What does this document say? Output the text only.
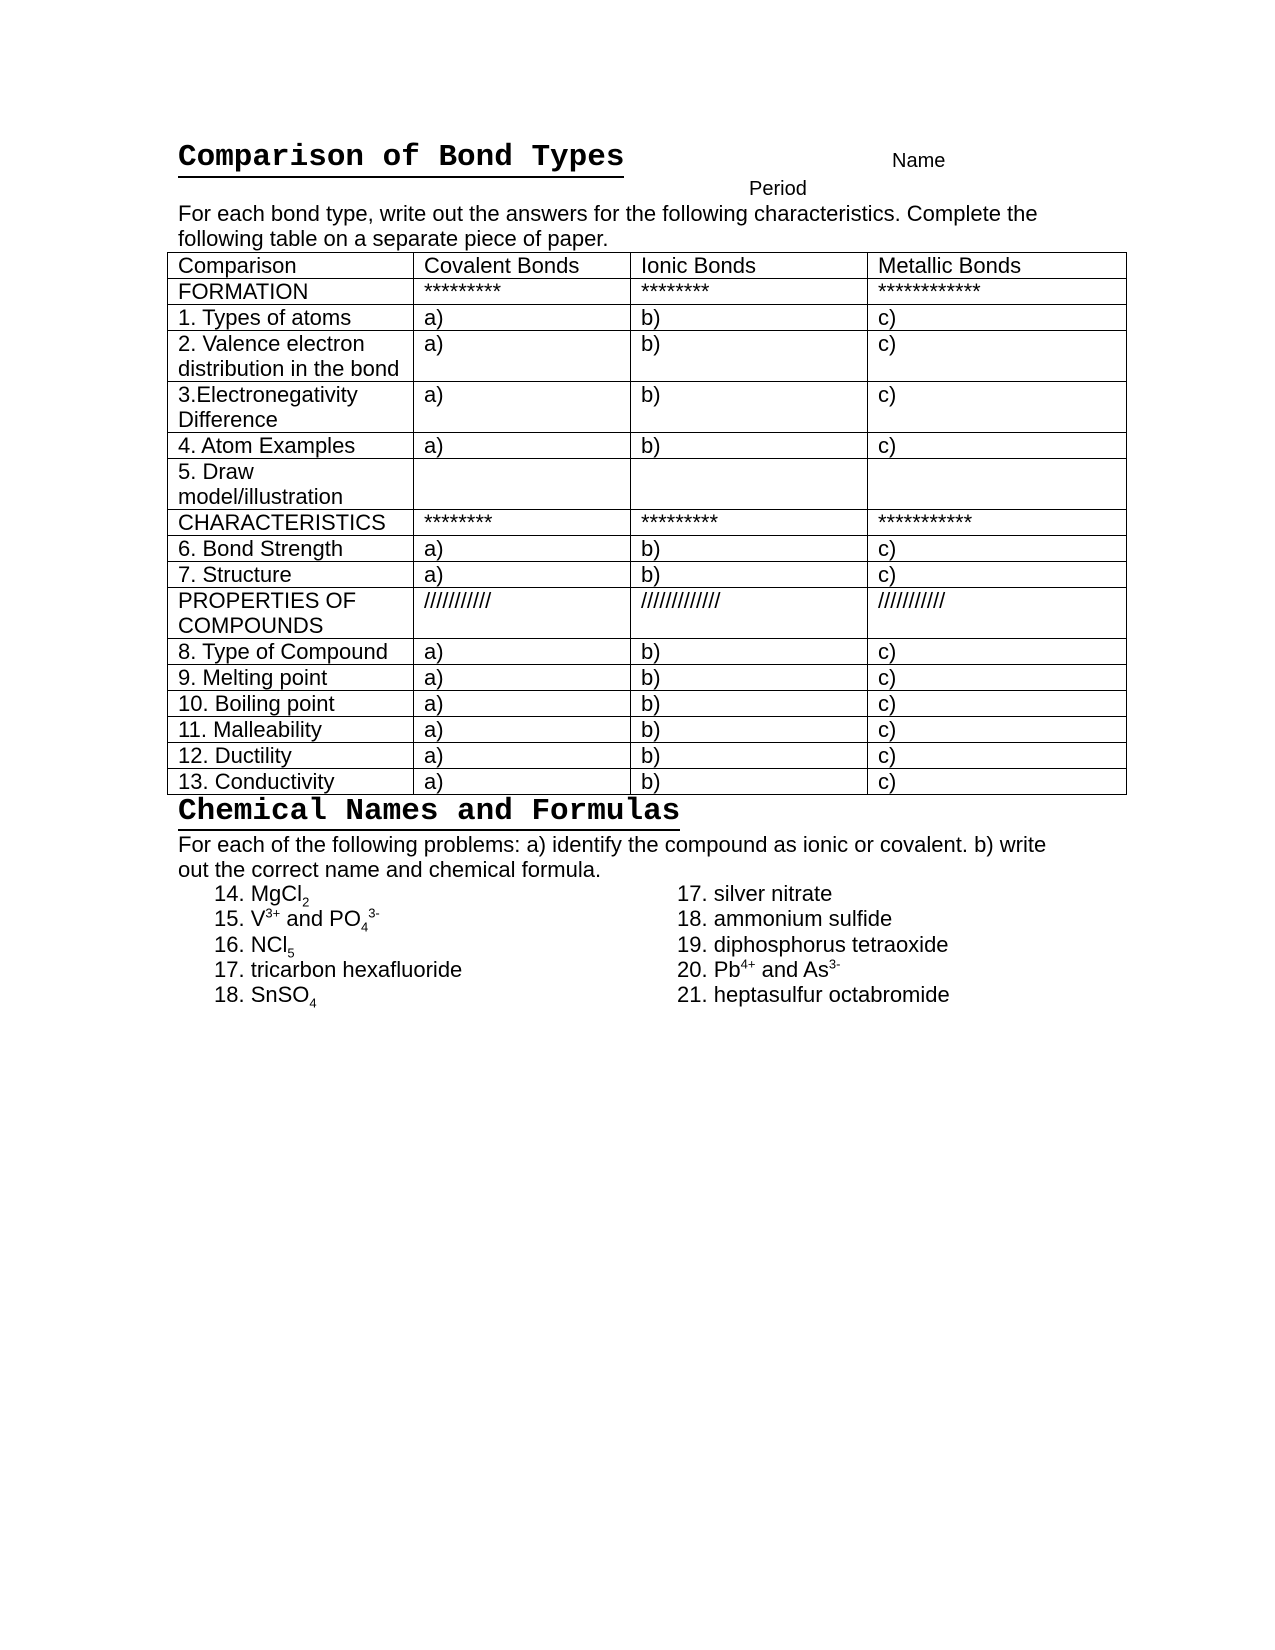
Comparison of Bond Types	Name
Period

For each bond type, write out the answers for the following characteristics. Complete the following table on a separate piece of paper.

Comparison	Covalent Bonds	Ionic Bonds	Metallic Bonds
FORMATION	*********	********	************
1. Types of atoms	a)	b)	c)
2. Valence electron distribution in the bond	a)	b)	c)
3.Electronegativity Difference	a)	b)	c)
4. Atom Examples	a)	b)	c)
5. Draw model/illustration			
CHARACTERISTICS	********	*********	***********
6. Bond Strength	a)	b)	c)
7. Structure	a)	b)	c)
PROPERTIES OF COMPOUNDS	///////////	/////////////	///////////
8. Type of Compound	a)	b)	c)
9. Melting point	a)	b)	c)
10. Boiling point	a)	b)	c)
11. Malleability	a)	b)	c)
12. Ductility	a)	b)	c)
13. Conductivity	a)	b)	c)
Chemical Names and Formulas

For each of the following problems: a) identify the compound as ionic or covalent. b) write out the correct name and chemical formula.

14. MgCl$_2$
15. $V^{3+}$ and $PO_4^{3-}$
16. NCl$_5$
17. tricarbon hexafluoride
18. SnSO$_4$
17. silver nitrate
18. ammonium sulfide
19. diphosphorus tetraoxide
20. $Pb^{4+}$ and $As^{3-}$
21. heptasulfur octabromide
